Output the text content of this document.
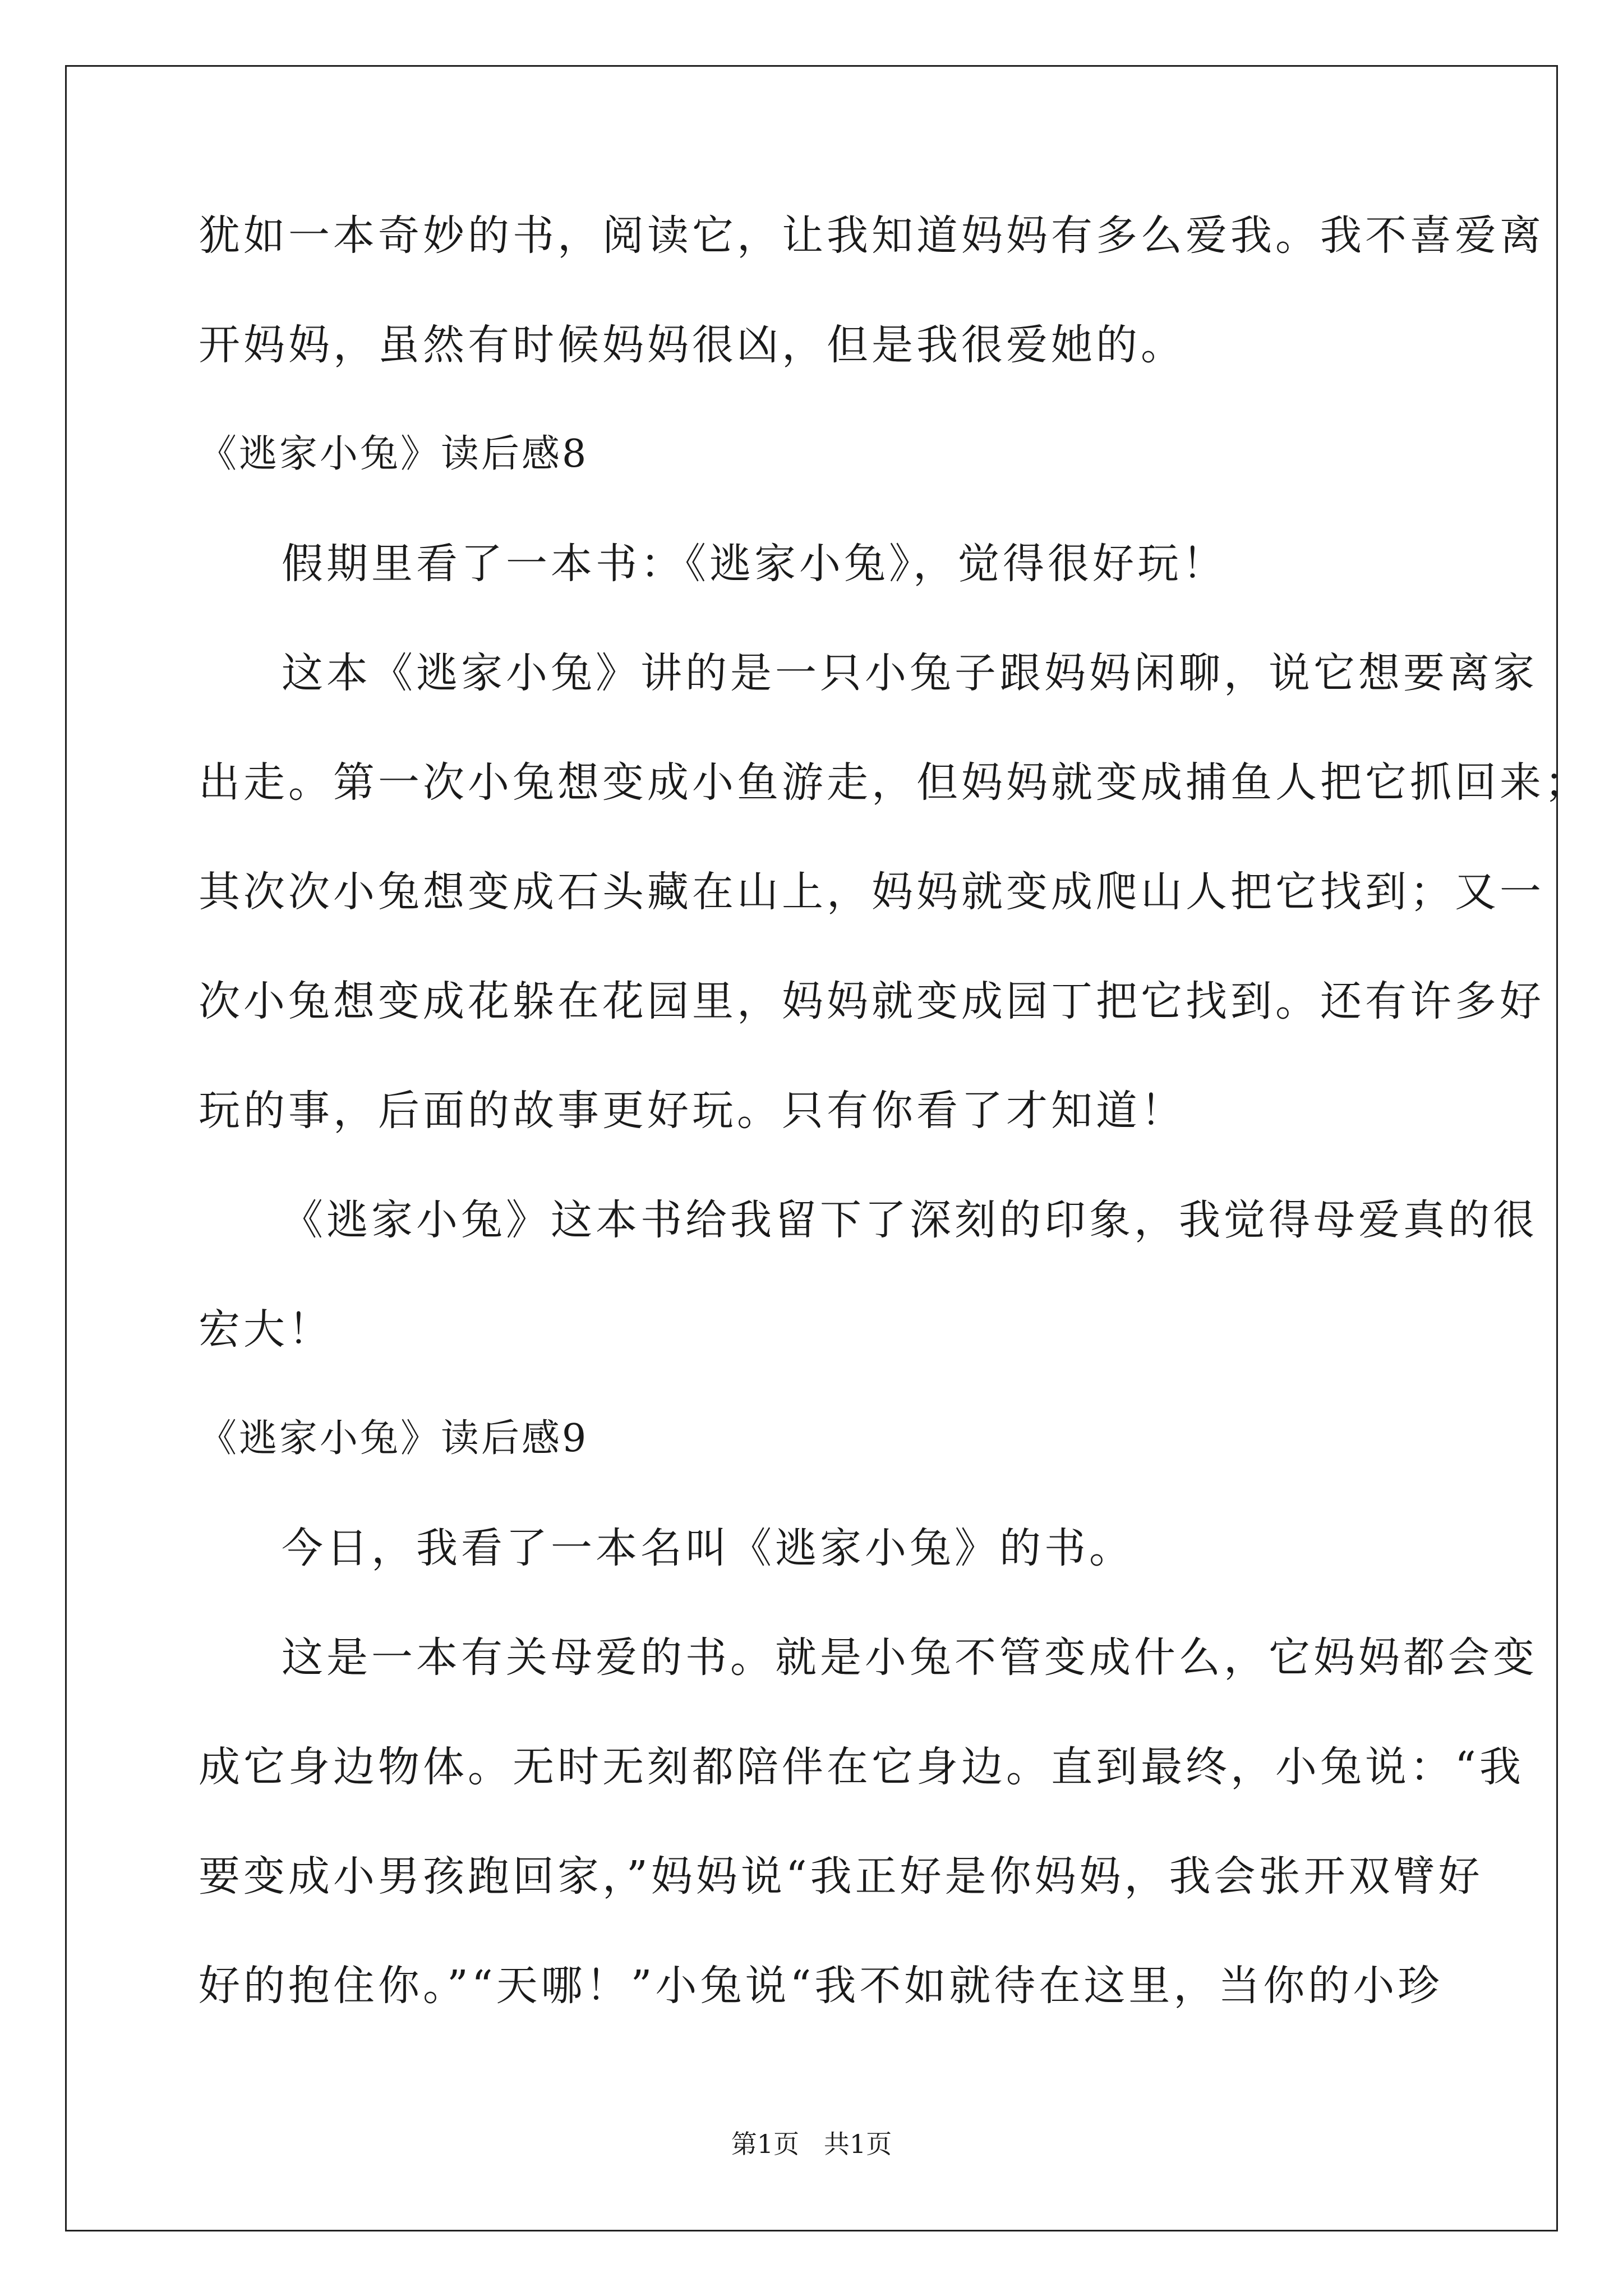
犹如一本奇妙的书，阅读它，让我知道妈妈有多么爱我。我不喜爱离
开妈妈，虽然有时候妈妈很凶，但是我很爱她的。
《逃家小兔》读后感8
假期里看了一本书：《逃家小兔》，觉得很好玩！
这本《逃家小兔》讲的是一只小兔子跟妈妈闲聊，说它想要离家
出走。第一次小兔想变成小鱼游走，但妈妈就变成捕鱼人把它抓回来；
其次次小兔想变成石头藏在山上，妈妈就变成爬山人把它找到；又一
次小兔想变成花躲在花园里，妈妈就变成园丁把它找到。还有许多好
玩的事，后面的故事更好玩。只有你看了才知道！
《逃家小兔》这本书给我留下了深刻的印象，我觉得母爱真的很
宏大！
《逃家小兔》读后感9
今日，我看了一本名叫《逃家小兔》的书。
这是一本有关母爱的书。就是小兔不管变成什么，它妈妈都会变
成它身边物体。无时无刻都陪伴在它身边。直到最终，小兔说：“我
要变成小男孩跑回家，”妈妈说“我正好是你妈妈，我会张开双臂好
好的抱住你。”“天哪！”小兔说“我不如就待在这里，当你的小珍
第1页   共1页
